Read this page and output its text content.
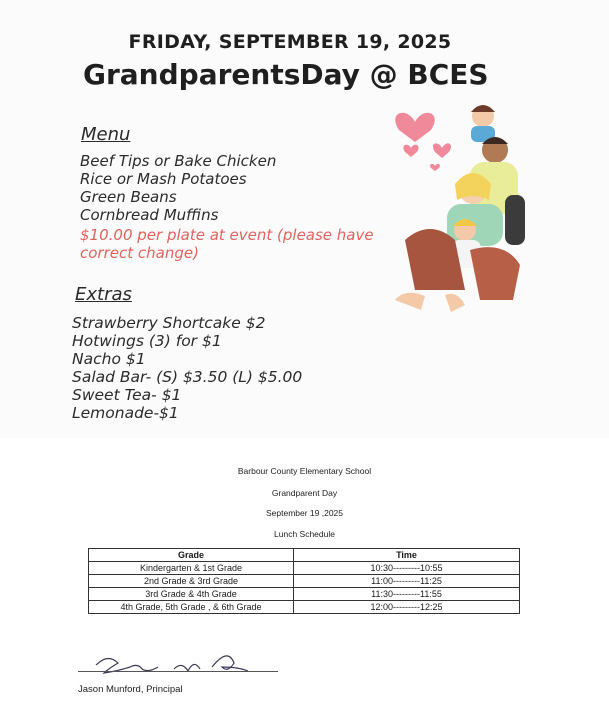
FRIDAY, SEPTEMBER 19, 2025
GrandparentsDay @ BCES
Menu
Beef Tips or Bake Chicken
Rice or Mash Potatoes
Green Beans
Cornbread Muffins
$10.00 per plate at event (please have correct change)
Extras
Strawberry Shortcake $2
Hotwings (3) for $1
Nacho $1
Salad Bar- (S) $3.50 (L) $5.00
Sweet Tea- $1
Lemonade-$1
Barbour County Elementary School
Grandparent Day
September 19 ,2025
Lunch Schedule
Grade	Time
Kindergarten & 1st Grade	10:30---------10:55
2nd Grade & 3rd Grade	11:00---------11:25
3rd Grade & 4th Grade	11:30---------11:55
4th Grade, 5th Grade , & 6th Grade	12:00---------12:25
Jason Munford, Principal
